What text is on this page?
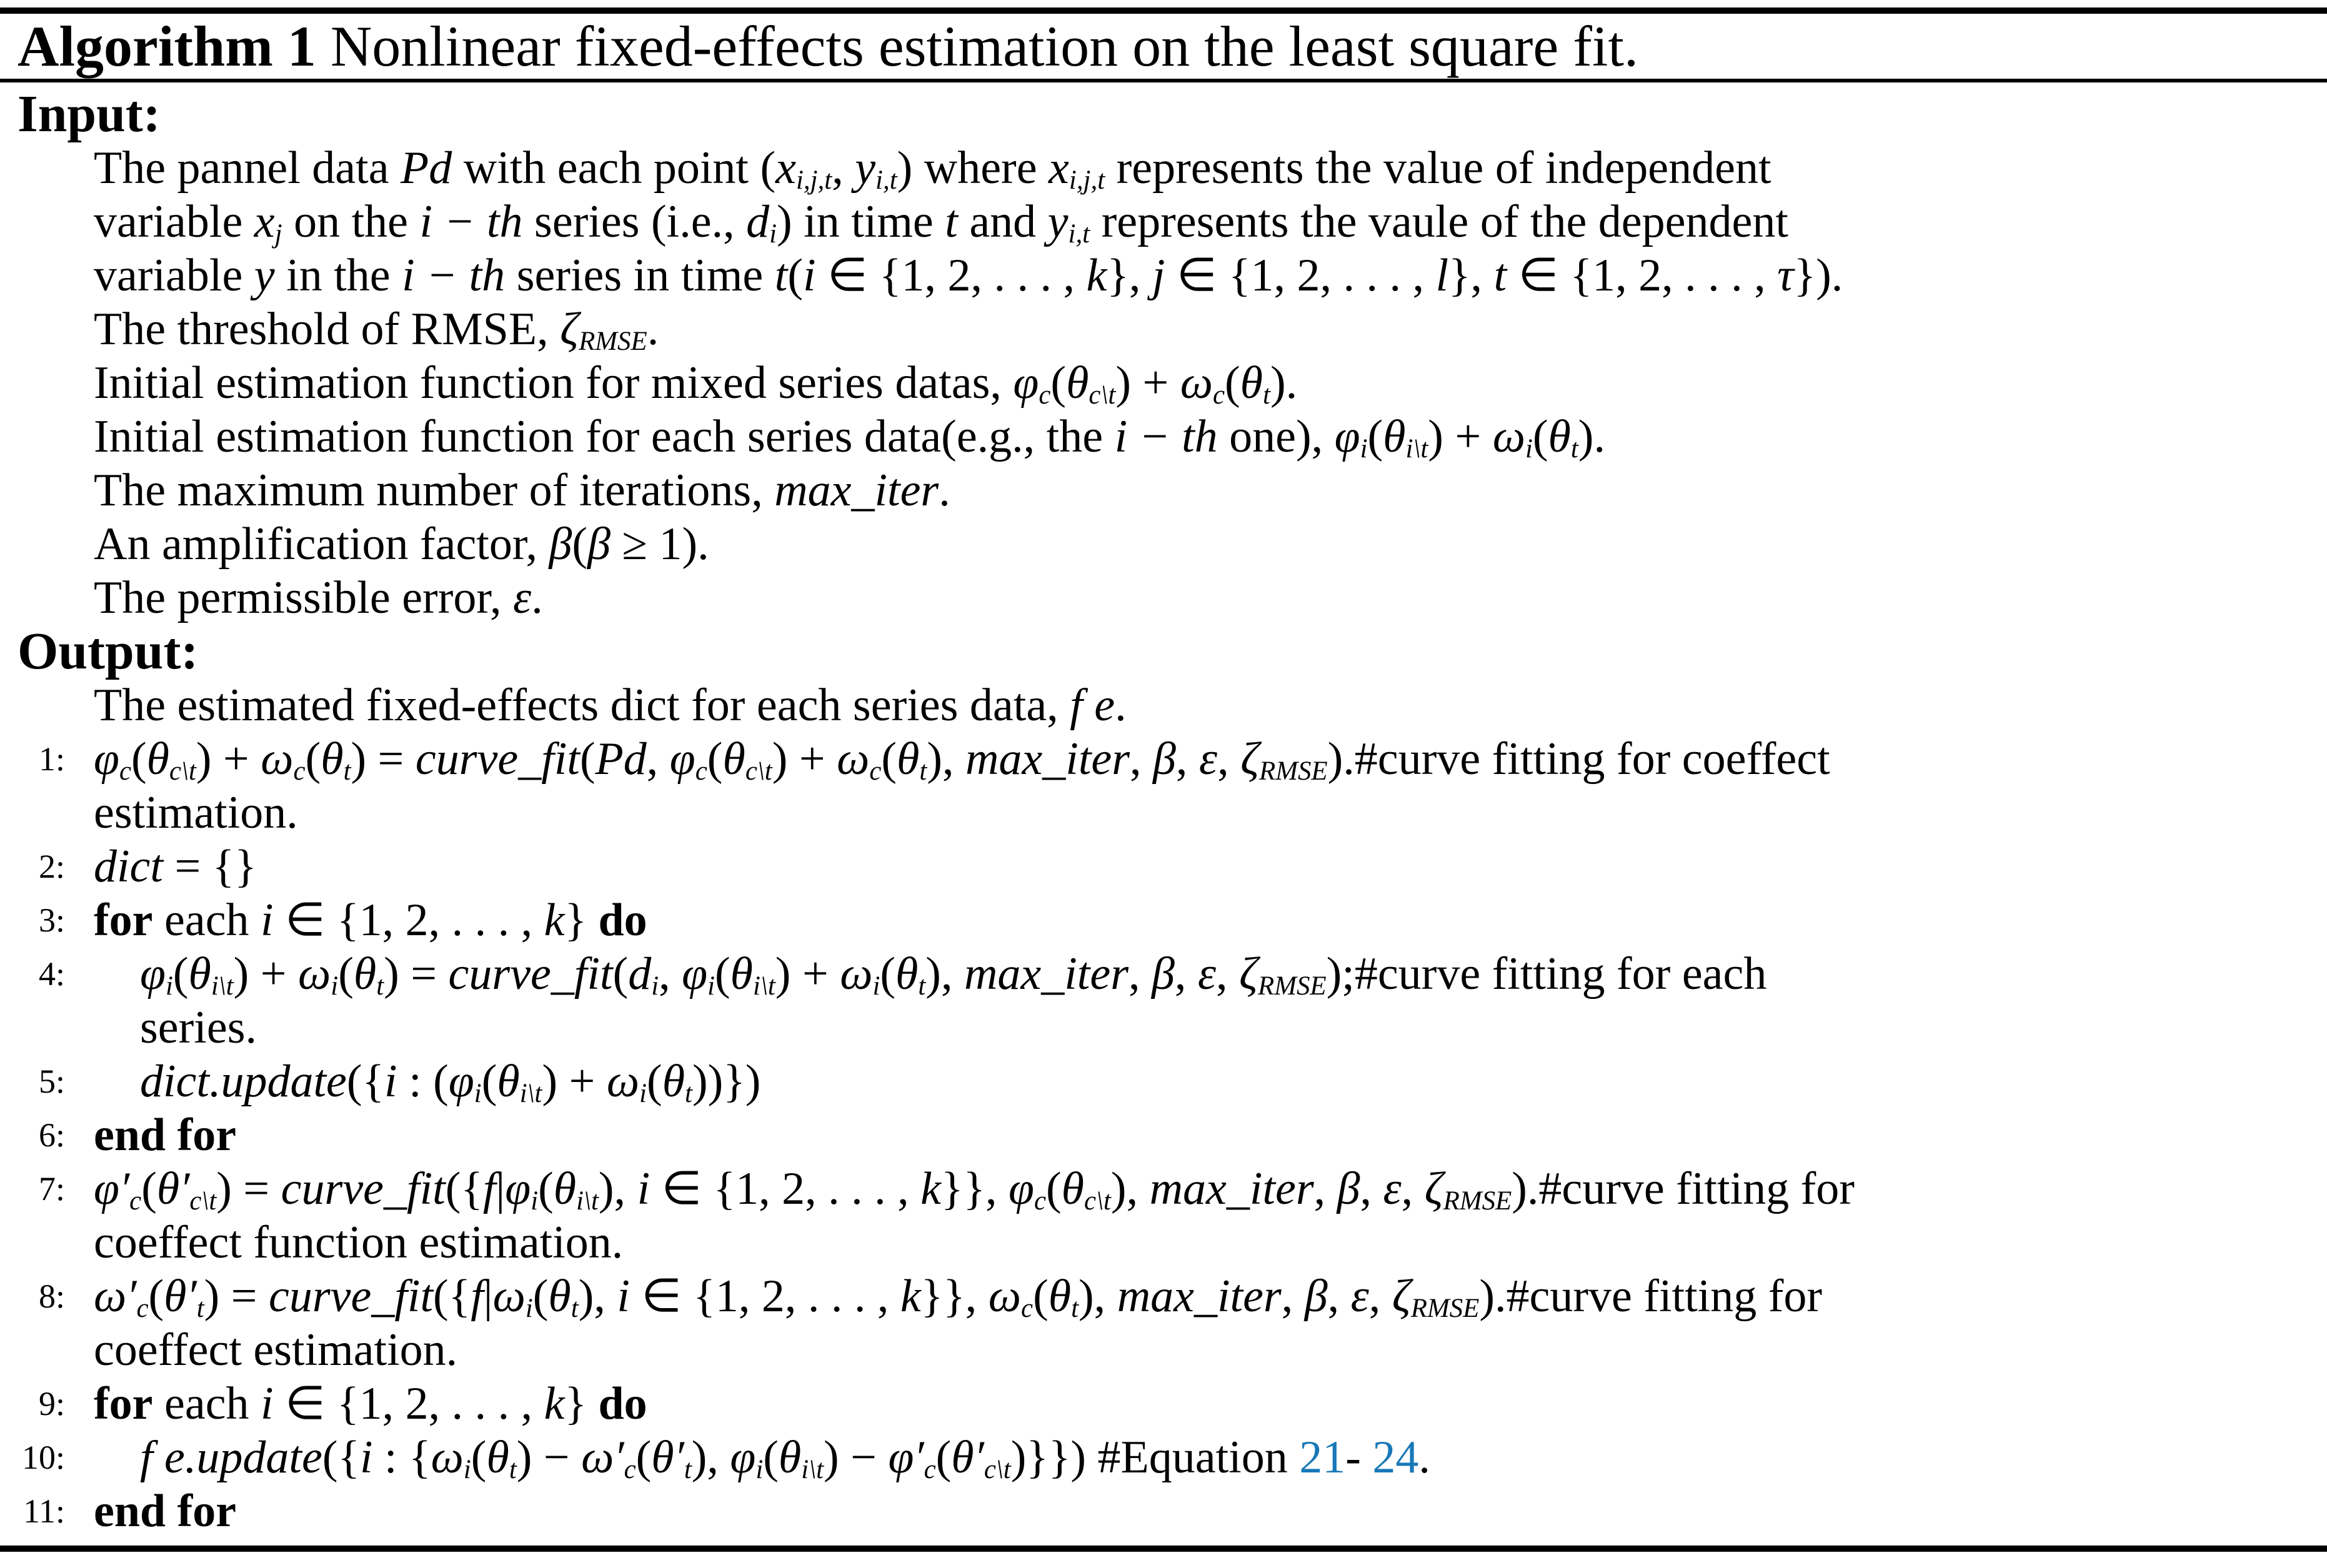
Algorithm 1 Nonlinear fixed-effects estimation on the least square fit.
Input:
The pannel data Pd with each point (xi,j,t, yi,t) where xi,j,t represents the value of independent
variable xj on the i − th series (i.e., di) in time t and yi,t represents the vaule of the dependent
variable y in the i − th series in time t(i ∈ {1, 2, . . . , k}, j ∈ {1, 2, . . . , l}, t ∈ {1, 2, . . . , τ}).
The threshold of RMSE, ζRMSE.
Initial estimation function for mixed series datas, φc(θc\t) + ωc(θt).
Initial estimation function for each series data(e.g., the i − th one), φi(θi\t) + ωi(θt).
The maximum number of iterations, max_iter.
An amplification factor, β(β ≥ 1).
The permissible error, ε.
Output:
The estimated fixed-effects dict for each series data, f e.
1: φc(θc\t) + ωc(θt) = curve_fit(Pd, φc(θc\t) + ωc(θt), max_iter, β, ε, ζRMSE).#curve fitting for coeffect
estimation.
2: dict = {}
3: for each i ∈ {1, 2, . . . , k} do
4: φi(θi\t) + ωi(θt) = curve_fit(di, φi(θi\t) + ωi(θt), max_iter, β, ε, ζRMSE);#curve fitting for each
series.
5: dict.update({i : (φi(θi\t) + ωi(θt))})
6: end for
7: φ′c(θ′c\t) = curve_fit({f|φi(θi\t), i ∈ {1, 2, . . . , k}}, φc(θc\t), max_iter, β, ε, ζRMSE).#curve fitting for
coeffect function estimation.
8: ω′c(θ′t) = curve_fit({f|ωi(θt), i ∈ {1, 2, . . . , k}}, ωc(θt), max_iter, β, ε, ζRMSE).#curve fitting for
coeffect estimation.
9: for each i ∈ {1, 2, . . . , k} do
10: f e.update({i : {ωi(θt) − ω′c(θ′t), φi(θi\t) − φ′c(θ′c\t)}}) #Equation 21- 24.
11: end for
